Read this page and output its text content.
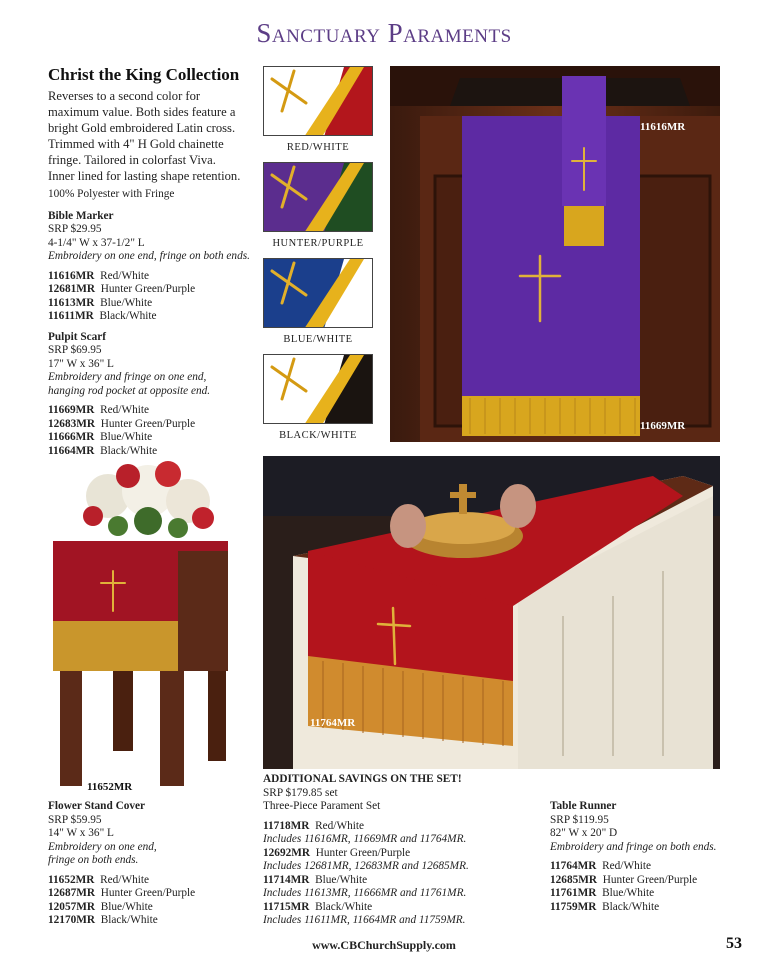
Sanctuary Paraments
Christ the King Collection
Reverses to a second color for
maximum value. Both sides feature a
bright Gold embroidered Latin cross.
Trimmed with 4" H Gold chainette
fringe. Tailored in colorfast Viva.
Inner lined for lasting shape retention.
100% Polyester with Fringe
Bible Marker
SRP $29.95
4-1/4" W x 37-1/2" L
Embroidery on one end, fringe on both ends.
11616MR Red/White
12681MR Hunter Green/Purple
11613MR Blue/White
11611MR Black/White
Pulpit Scarf
SRP $69.95
17" W x 36" L
Embroidery and fringe on one end,
hanging rod pocket at opposite end.
11669MR Red/White
12683MR Hunter Green/Purple
11666MR Blue/White
11664MR Black/White
RED/WHITE
HUNTER/PURPLE
BLUE/WHITE
BLACK/WHITE
11616MR
11669MR
11652MR
11764MR
Flower Stand Cover
SRP $59.95
14" W x 36" L
Embroidery on one end,
fringe on both ends.
11652MR Red/White
12687MR Hunter Green/Purple
12057MR Blue/White
12170MR Black/White
ADDITIONAL SAVINGS ON THE SET!
SRP $179.85 set
Three-Piece Parament Set
11718MR Red/White
Includes 11616MR, 11669MR and 11764MR.
12692MR Hunter Green/Purple
Includes 12681MR, 12683MR and 12685MR.
11714MR Blue/White
Includes 11613MR, 11666MR and 11761MR.
11715MR Black/White
Includes 11611MR, 11664MR and 11759MR.
Table Runner
SRP $119.95
82" W x 20" D
Embroidery and fringe on both ends.
11764MR Red/White
12685MR Hunter Green/Purple
11761MR Blue/White
11759MR Black/White
www.CBChurchSupply.com	53
